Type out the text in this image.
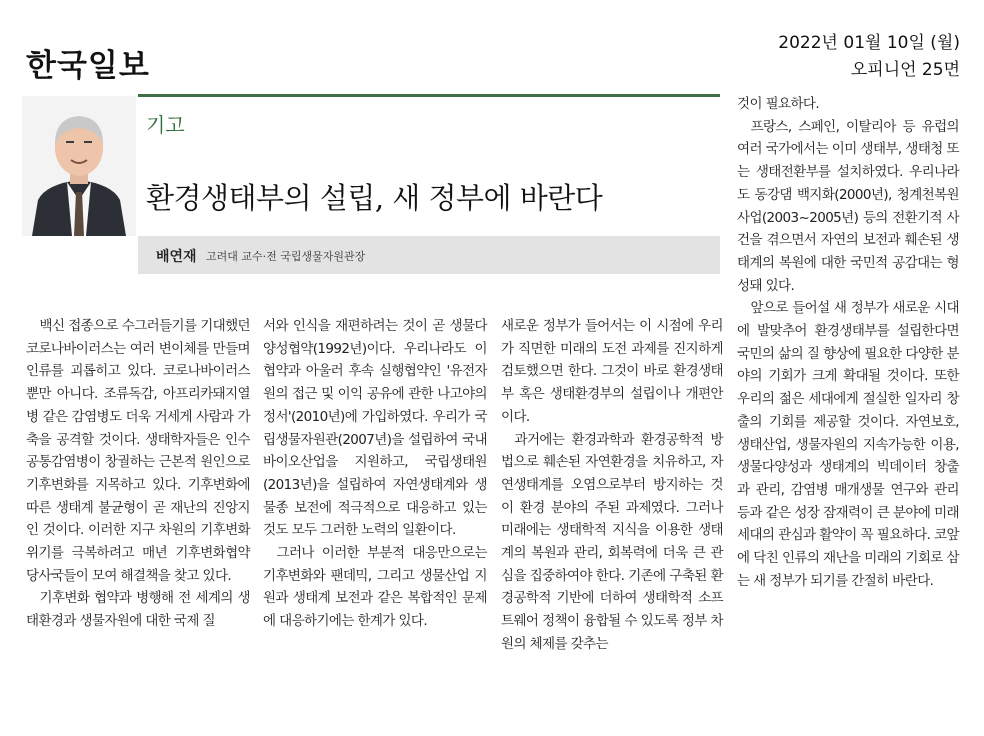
한국일보
2022년 01월 10일 (월)
오피니언 25면
기고
환경생태부의 설립, 새 정부에 바란다
배연재 고려대 교수·전 국립생물자원관장

백신 접종으로 수그러들기를 기대했던 코로나바이러스는 여러 변이체를 만들며 인류를 괴롭히고 있다. 코로나바이러스뿐만 아니다. 조류독감, 아프리카돼지열병 같은 감염병도 더욱 거세게 사람과 가축을 공격할 것이다. 생태학자들은 인수공통감염병이 창궐하는 근본적 원인으로 기후변화를 지목하고 있다. 기후변화에 따른 생태계 불균형이 곧 재난의 진앙지인 것이다. 이러한 지구 차원의 기후변화 위기를 극복하려고 매년 기후변화협약 당사국들이 모여 해결책을 찾고 있다.

기후변화 협약과 병행해 전 세계의 생태환경과 생물자원에 대한 국제 질

서와 인식을 재편하려는 것이 곧 생물다양성협약(1992년)이다. 우리나라도 이 협약과 아울러 후속 실행협약인 '유전자원의 접근 및 이익 공유에 관한 나고야의정서'(2010년)에 가입하였다. 우리가 국립생물자원관(2007년)을 설립하여 국내 바이오산업을 지원하고, 국립생태원(2013년)을 설립하여 자연생태계와 생물종 보전에 적극적으로 대응하고 있는 것도 모두 그러한 노력의 일환이다.

그러나 이러한 부분적 대응만으로는 기후변화와 팬데믹, 그리고 생물산업 지원과 생태계 보전과 같은 복합적인 문제에 대응하기에는 한계가 있다.

새로운 정부가 들어서는 이 시점에 우리가 직면한 미래의 도전 과제를 진지하게 검토했으면 한다. 그것이 바로 환경생태부 혹은 생태환경부의 설립이나 개편안이다.

과거에는 환경과학과 환경공학적 방법으로 훼손된 자연환경을 치유하고, 자연생태계를 오염으로부터 방지하는 것이 환경 분야의 주된 과제였다. 그러나 미래에는 생태학적 지식을 이용한 생태계의 복원과 관리, 회복력에 더욱 큰 관심을 집중하여야 한다. 기존에 구축된 환경공학적 기반에 더하여 생태학적 소프트웨어 정책이 융합될 수 있도록 정부 차원의 체제를 갖추는

것이 필요하다.

프랑스, 스페인, 이탈리아 등 유럽의 여러 국가에서는 이미 생태부, 생태청 또는 생태전환부를 설치하였다. 우리나라도 동강댐 백지화(2000년), 청계천복원사업(2003~2005년) 등의 전환기적 사건을 겪으면서 자연의 보전과 훼손된 생태계의 복원에 대한 국민적 공감대는 형성돼 있다.

앞으로 들어설 새 정부가 새로운 시대에 발맞추어 환경생태부를 설립한다면 국민의 삶의 질 향상에 필요한 다양한 분야의 기회가 크게 확대될 것이다. 또한 우리의 젊은 세대에게 절실한 일자리 창출의 기회를 제공할 것이다. 자연보호, 생태산업, 생물자원의 지속가능한 이용, 생물다양성과 생태계의 빅데이터 창출과 관리, 감염병 매개생물 연구와 관리 등과 같은 성장 잠재력이 큰 분야에 미래 세대의 관심과 활약이 꼭 필요하다. 코앞에 닥친 인류의 재난을 미래의 기회로 삼는 새 정부가 되기를 간절히 바란다.
